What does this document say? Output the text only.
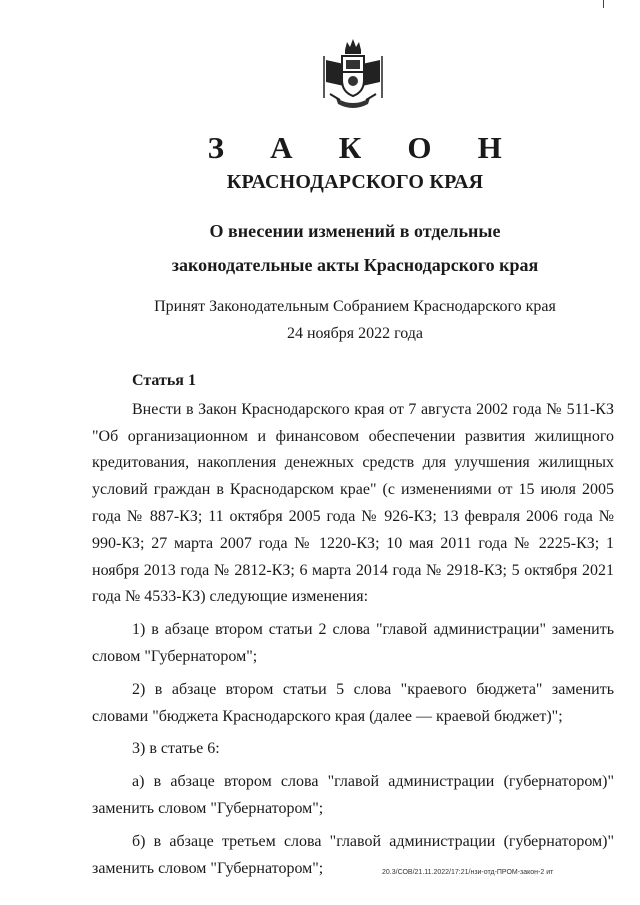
З А К О Н
КРАСНОДАРСКОГО КРАЯ
О внесении изменений в отдельные
законодательные акты Краснодарского края
Принят Законодательным Собранием Краснодарского края
24 ноября 2022 года

Статья 1

Внести в Закон Краснодарского края от 7 августа 2002 года № 511-КЗ "Об организационном и финансовом обеспечении развития жилищного кредитования, накопления денежных средств для улучшения жилищных условий граждан в Краснодарском крае" (с изменениями от 15 июля 2005 года № 887-КЗ; 11 октября 2005 года № 926-КЗ; 13 февраля 2006 года № 990-КЗ; 27 марта 2007 года № 1220-КЗ; 10 мая 2011 года № 2225-КЗ; 1 ноября 2013 года № 2812-КЗ; 6 марта 2014 года № 2918-КЗ; 5 октября 2021 года № 4533-КЗ) следующие изменения:

1) в абзаце втором статьи 2 слова "главой администрации" заменить словом "Губернатором";

2) в абзаце втором статьи 5 слова "краевого бюджета" заменить словами "бюджета Краснодарского края (далее — краевой бюджет)";

3) в статье 6:

а) в абзаце втором слова "главой администрации (губернатором)" заменить словом "Губернатором";

б) в абзаце третьем слова "главой администрации (губернатором)" заменить словом "Губернатором";	20.3/СОВ/21.11.2022/17:21/нзи-отд-ПРОМ-закон-2 ит
